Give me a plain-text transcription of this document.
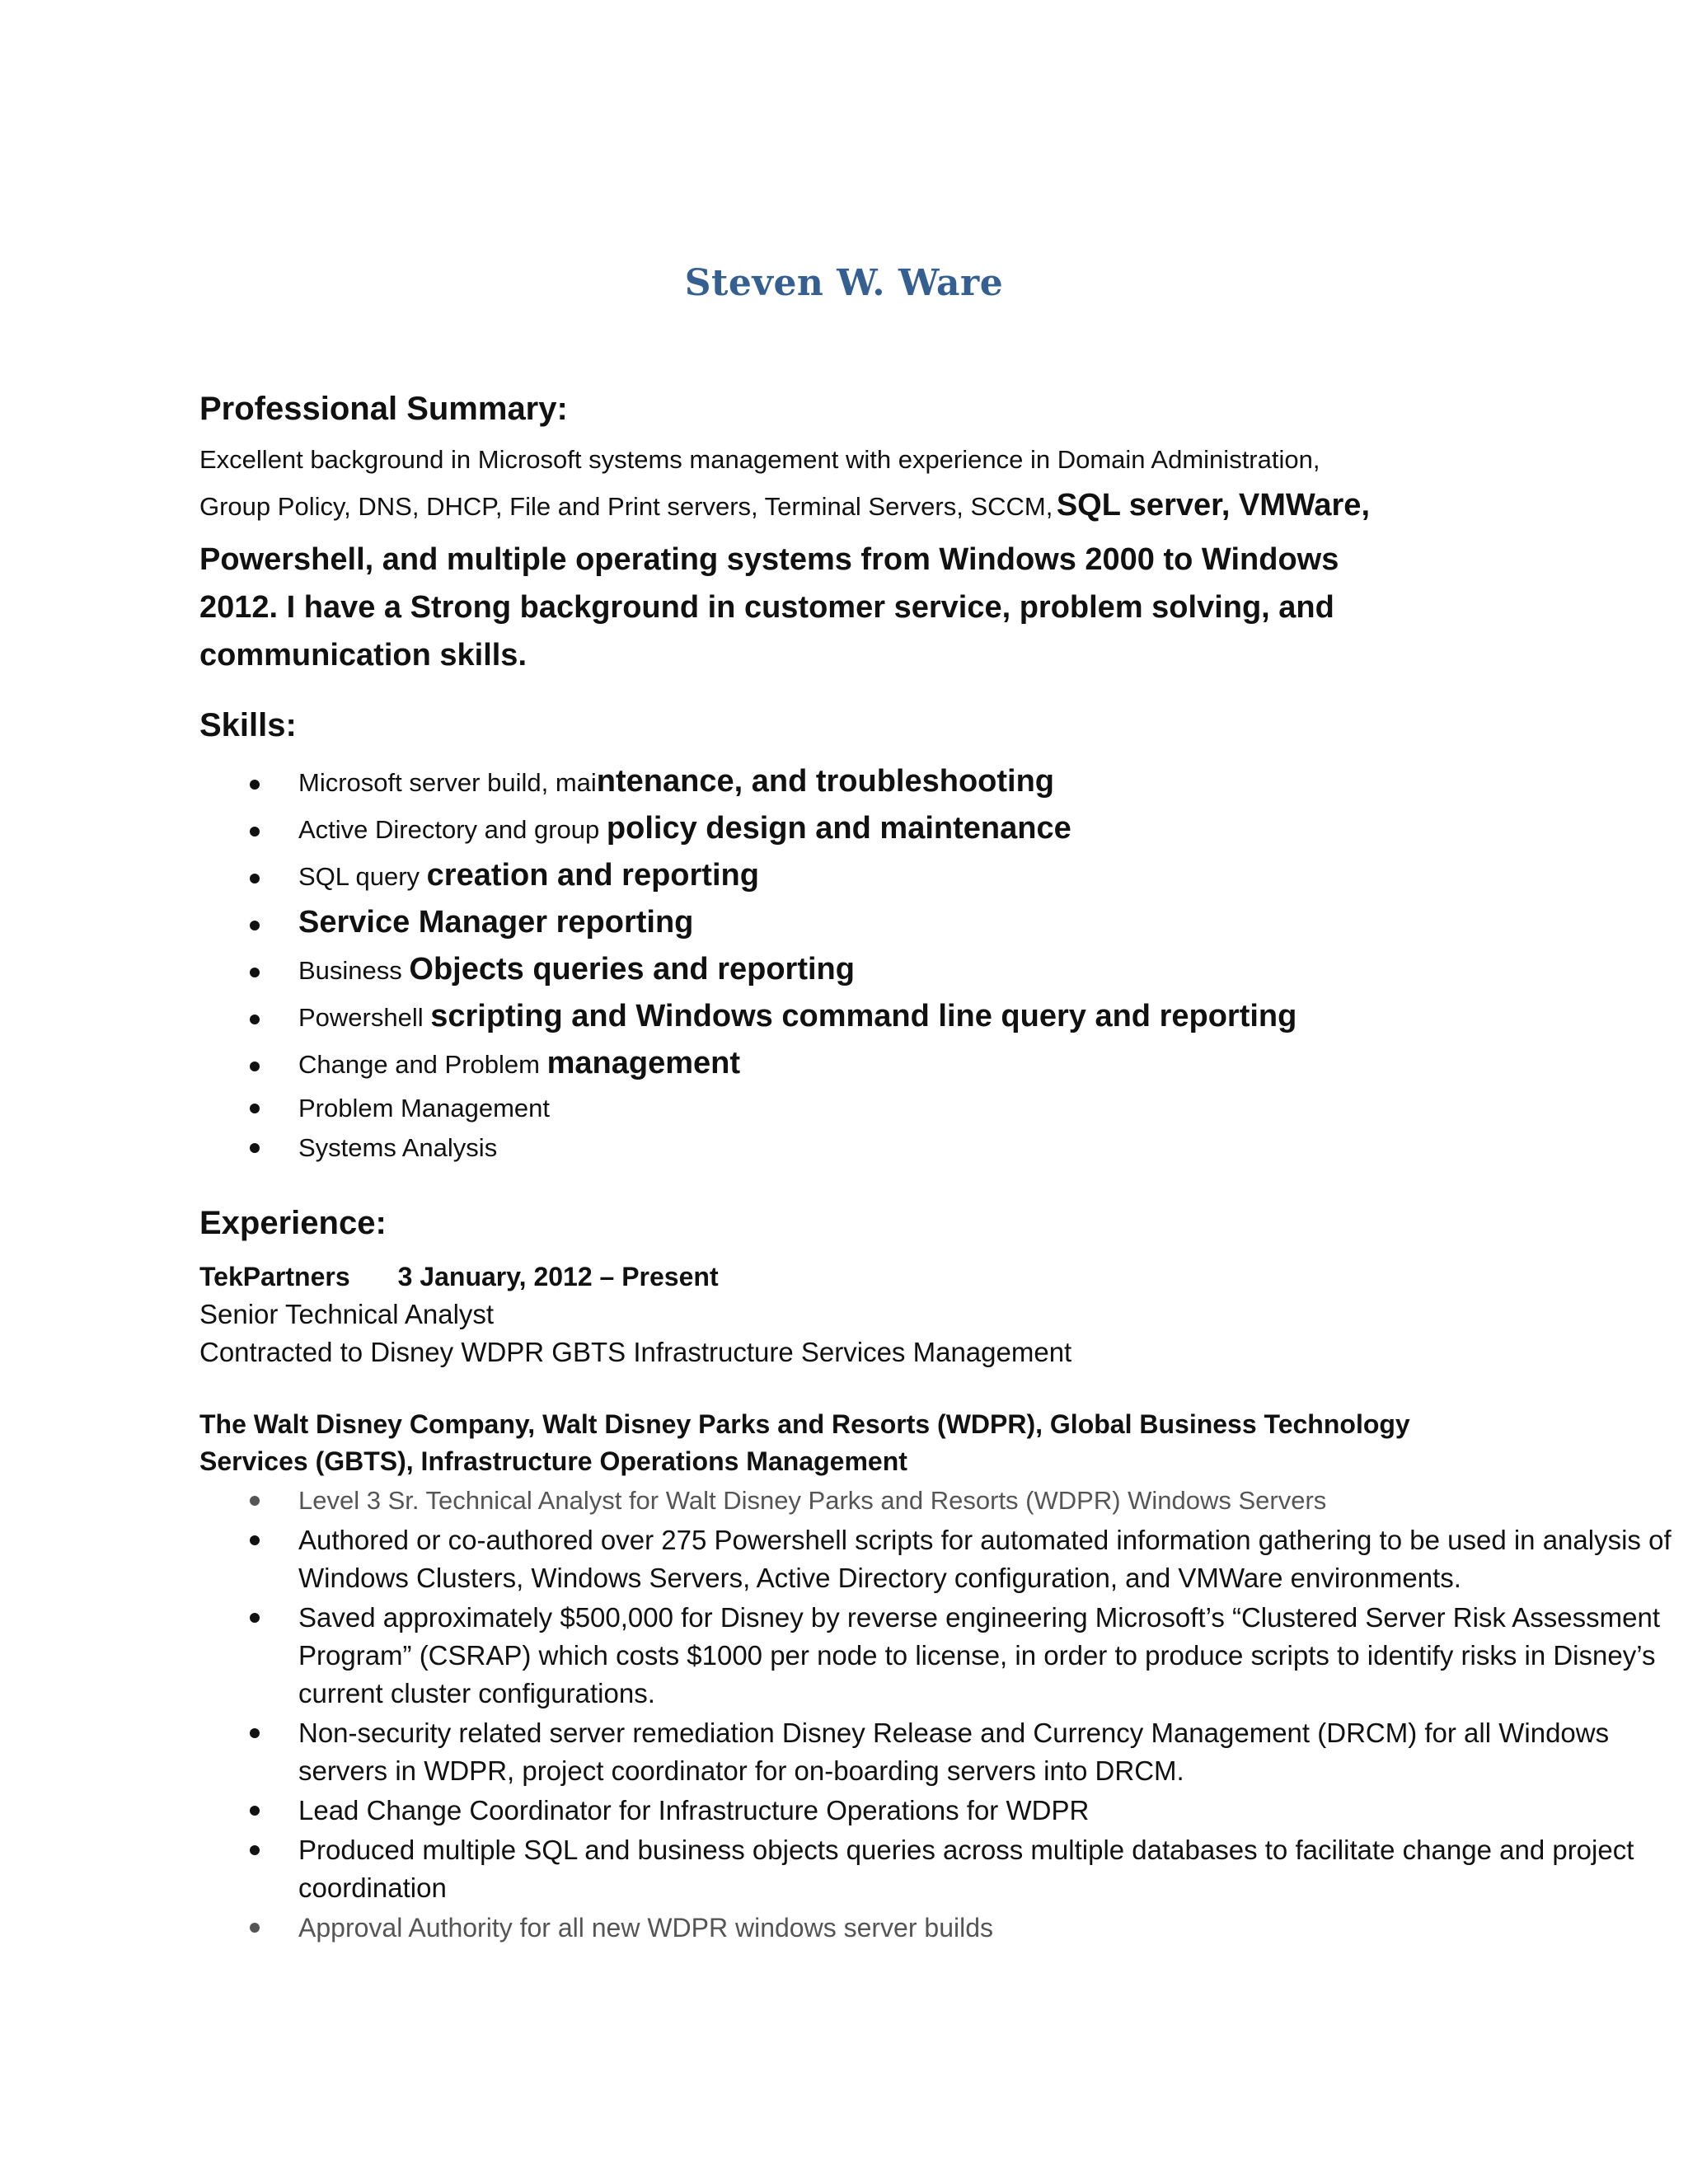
Steven W. Ware
Professional Summary:
Excellent background in Microsoft systems management with experience in Domain Administration,
Group Policy, DNS, DHCP, File and Print servers, Terminal Servers, SCCM, SQL server, VMWare,
Powershell, and multiple operating systems from Windows 2000 to Windows
2012. I have a Strong background in customer service, problem solving, and
communication skills.
Skills:
Microsoft server build, maintenance, and troubleshooting
Active Directory and group policy design and maintenance
SQL query creation and reporting
Service Manager reporting
Business Objects queries and reporting
Powershell scripting and Windows command line query and reporting
Change and Problem management
Problem Management
Systems Analysis
Experience:
TekPartners 3 January, 2012 – Present
Senior Technical Analyst
Contracted to Disney WDPR GBTS Infrastructure Services Management
The Walt Disney Company, Walt Disney Parks and Resorts (WDPR), Global Business Technology
Services (GBTS), Infrastructure Operations Management
Level 3 Sr. Technical Analyst for Walt Disney Parks and Resorts (WDPR) Windows Servers
Authored or co-authored over 275 Powershell scripts for automated information gathering to be used in analysis of Windows Clusters, Windows Servers, Active Directory configuration, and VMWare environments.
Saved approximately $500,000 for Disney by reverse engineering Microsoft’s “Clustered Server Risk Assessment Program” (CSRAP) which costs $1000 per node to license, in order to produce scripts to identify risks in Disney’s current cluster configurations.
Non-security related server remediation Disney Release and Currency Management (DRCM) for all Windows servers in WDPR, project coordinator for on-boarding servers into DRCM.
Lead Change Coordinator for Infrastructure Operations for WDPR
Produced multiple SQL and business objects queries across multiple databases to facilitate change and project coordination
Approval Authority for all new WDPR windows server builds
